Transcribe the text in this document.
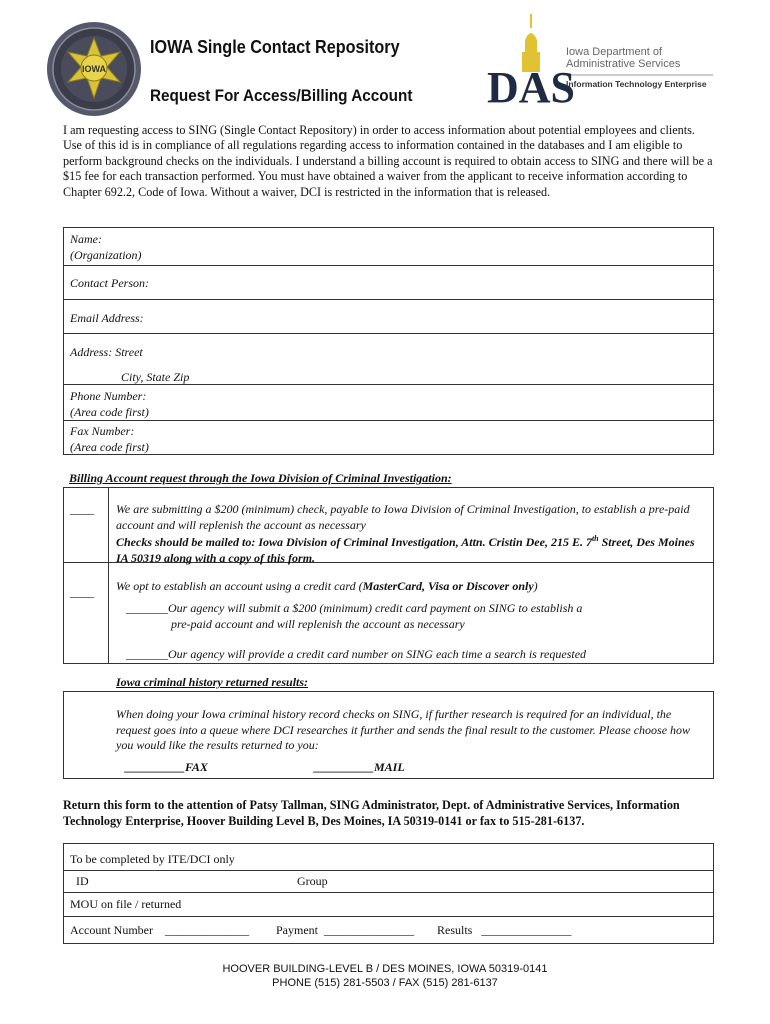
IOWA
IOWA Single Contact Repository
Request For Access/Billing Account DAS
Iowa Department of
Administrative Services
Information Technology Enterprise
I am requesting access to SING (Single Contact Repository) in order to access information about potential employees and clients. Use of this id is in compliance of all regulations regarding access to information contained in the databases and I am eligible to perform background checks on the individuals. I understand a billing account is required to obtain access to SING and there will be a $15 fee for each transaction performed. You must have obtained a waiver from the applicant to receive information according to Chapter 692.2, Code of Iowa. Without a waiver, DCI is restricted in the information that is released.
Name:
(Organization)
Contact Person:
Email Address:
Address: Street
City, State Zip
Phone Number:
(Area code first)
Fax Number:
(Area code first)
Billing Account request through the Iowa Division of Criminal Investigation:
____ We are submitting a $200 (minimum) check, payable to Iowa Division of Criminal Investigation, to establish a pre-paid account and will replenish the account as necessary
Checks should be mailed to: Iowa Division of Criminal Investigation, Attn. Cristin Dee, 215 E. 7th Street, Des Moines IA 50319 along with a copy of this form.
____ We opt to establish an account using a credit card (MasterCard, Visa or Discover only)
_______Our agency will submit a $200 (minimum) credit card payment on SING to establish a
pre-paid account and will replenish the account as necessary
_______Our agency will provide a credit card number on SING each time a search is requested
Iowa criminal history returned results:
When doing your Iowa criminal history record checks on SING, if further research is required for an individual, the request goes into a queue where DCI researches it further and sends the final result to the customer. Please choose how you would like the results returned to you:
__________FAX	__________MAIL
Return this form to the attention of Patsy Tallman, SING Administrator, Dept. of Administrative Services, Information Technology Enterprise, Hoover Building Level B, Des Moines, IA 50319-0141 or fax to 515-281-6137.
To be completed by ITE/DCI only
ID	Group
MOU on file / returned
Account Number ______________ Payment _______________ Results _______________
HOOVER BUILDING-LEVEL B / DES MOINES, IOWA 50319-0141
PHONE (515) 281-5503 / FAX (515) 281-6137
